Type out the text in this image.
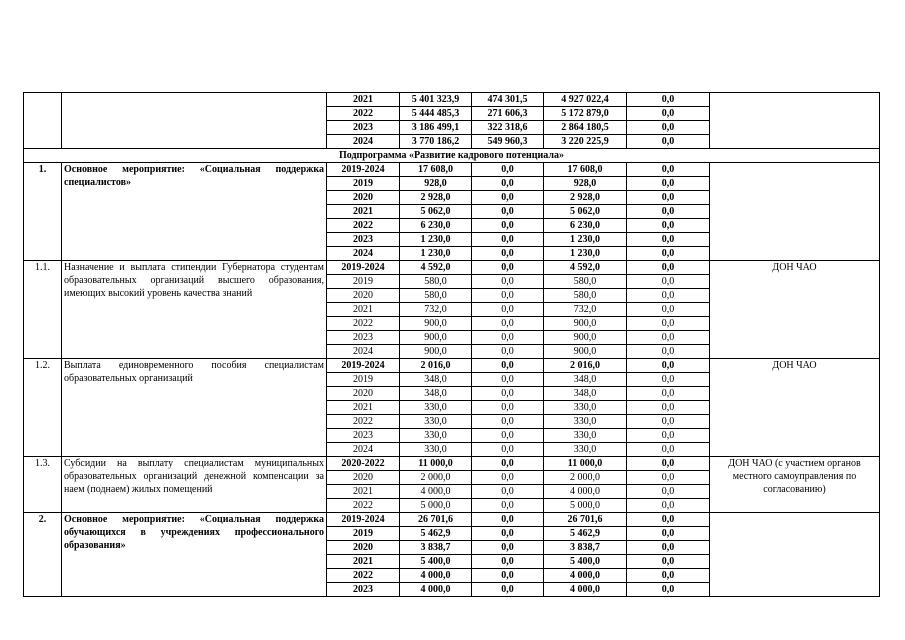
		2021	5 401 323,9	474 301,5	4 927 022,4	0,0	
		2022	5 444 485,3	271 606,3	5 172 879,0	0,0	
		2023	3 186 499,1	322 318,6	2 864 180,5	0,0	
		2024	3 770 186,2	549 960,3	3 220 225,9	0,0	
Подпрограмма «Развитие кадрового потенциала»							
1.	Основное мероприятие: «Социальная поддержка специалистов»	2019-2024	17 608,0	0,0	17 608,0	0,0	
		2019	928,0	0,0	928,0	0,0	
		2020	2 928,0	0,0	2 928,0	0,0	
		2021	5 062,0	0,0	5 062,0	0,0	
		2022	6 230,0	0,0	6 230,0	0,0	
		2023	1 230,0	0,0	1 230,0	0,0	
		2024	1 230,0	0,0	1 230,0	0,0	
1.1.	Назначение и выплата стипендии Губернатора студентам образовательных организаций высшего образования, имеющих высокий уровень качества знаний	2019-2024	4 592,0	0,0	4 592,0	0,0	ДОН ЧАО
		2019	580,0	0,0	580,0	0,0	
		2020	580,0	0,0	580,0	0,0	
		2021	732,0	0,0	732,0	0,0	
		2022	900,0	0,0	900,0	0,0	
		2023	900,0	0,0	900,0	0,0	
		2024	900,0	0,0	900,0	0,0	
1.2.	Выплата единовременного пособия специалистам образовательных организаций	2019-2024	2 016,0	0,0	2 016,0	0,0	ДОН ЧАО
		2019	348,0	0,0	348,0	0,0	
		2020	348,0	0,0	348,0	0,0	
		2021	330,0	0,0	330,0	0,0	
		2022	330,0	0,0	330,0	0,0	
		2023	330,0	0,0	330,0	0,0	
		2024	330,0	0,0	330,0	0,0	
1.3.	Субсидии на выплату специалистам муниципальных образовательных организаций денежной компенсации за наем (поднаем) жилых помещений	2020-2022	11 000,0	0,0	11 000,0	0,0	ДОН ЧАО (с участием органов местного самоуправления по согласованию)
		2020	2 000,0	0,0	2 000,0	0,0	
		2021	4 000,0	0,0	4 000,0	0,0	
		2022	5 000,0	0,0	5 000,0	0,0	
2.	Основное мероприятие: «Социальная поддержка обучающихся в учреждениях профессионального образования»	2019-2024	26 701,6	0,0	26 701,6	0,0	
		2019	5 462,9	0,0	5 462,9	0,0	
		2020	3 838,7	0,0	3 838,7	0,0	
		2021	5 400,0	0,0	5 400,0	0,0	
		2022	4 000,0	0,0	4 000,0	0,0	
		2023	4 000,0	0,0	4 000,0	0,0	
